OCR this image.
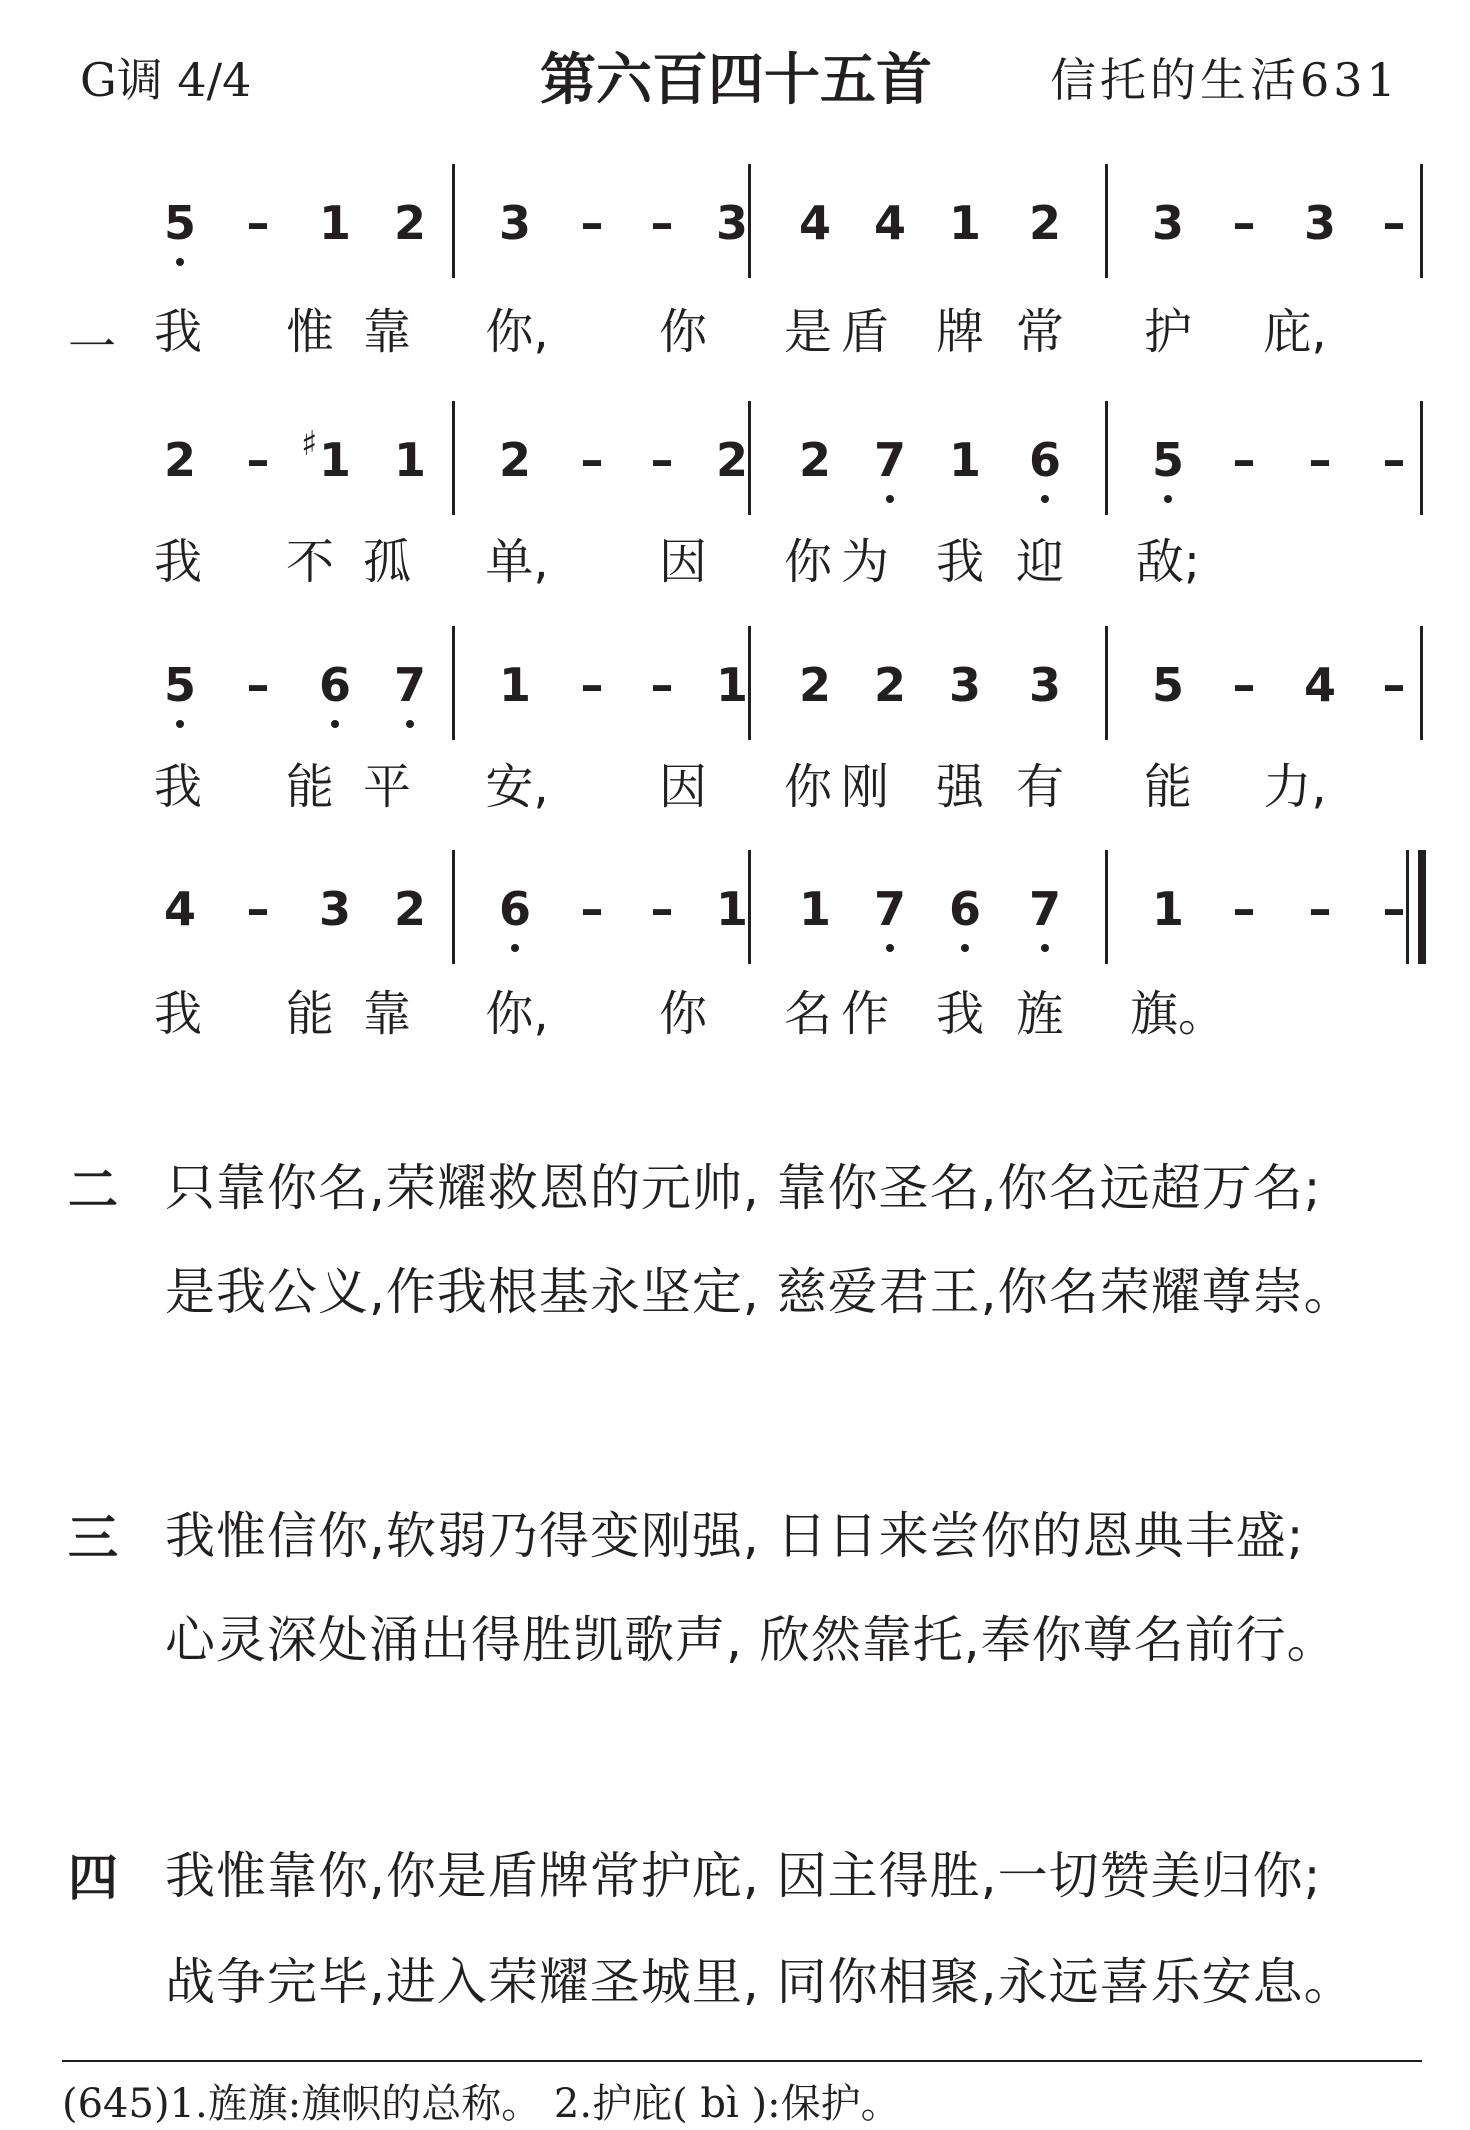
G调 4/4	第六百四十五首	信托的生活631
一
5	–	1 2 3	–	– 3 4 4 1 2 3	–	3	–
我 惟 靠 你, 你 是 盾 牌 常 护 庇,
2	–	1
♯ 1 2	–	– 2 2 7 1 6 5	–	–	–
我 不 孤 单, 因 你 为 我 迎 敌;
5	–	6 7 1	–	– 1 2 2 3 3 5	–	4	–
我 能 平 安, 因 你 刚 强 有 能 力,
4	–	3 2 6	–	– 1 1 7 6 7 1	–	–	–
我 能 靠 你, 你 名 作 我 旌 旗。
二 只靠你名,荣耀救恩的元帅, 靠你圣名,你名远超万名;
是我公义,作我根基永坚定, 慈爱君王,你名荣耀尊崇。
三 我惟信你,软弱乃得变刚强, 日日来尝你的恩典丰盛;
心灵深处涌出得胜凯歌声, 欣然靠托,奉你尊名前行。
四 我惟靠你,你是盾牌常护庇, 因主得胜,一切赞美归你;
战争完毕,进入荣耀圣城里, 同你相聚,永远喜乐安息。
(645)1.旌旗:旗帜的总称。 2.护庇( bì ):保护。
